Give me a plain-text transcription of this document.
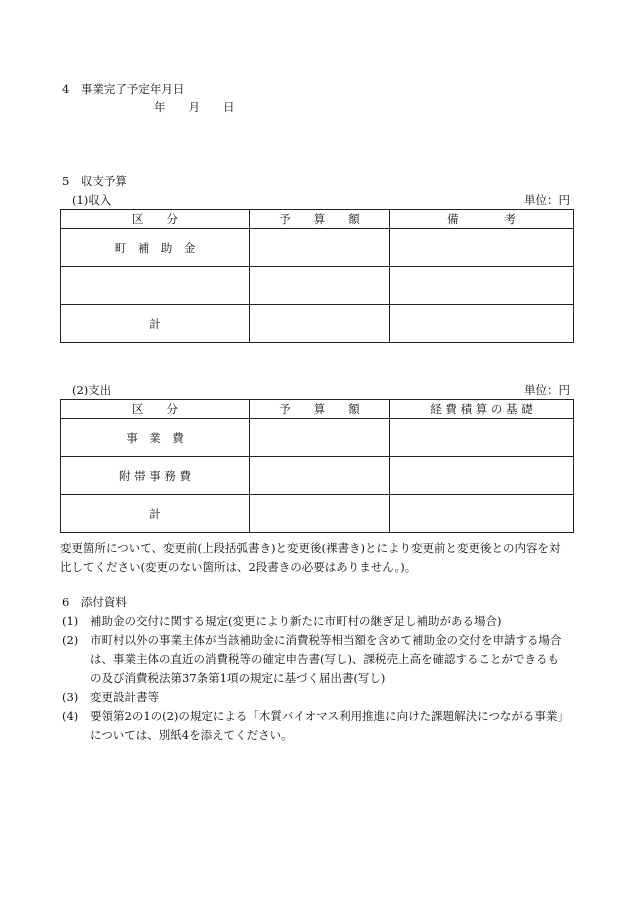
4　事業完了予定年月日
年　　月　　日
5　収支予算
(1)収入	単位：円
区　　分	予　　算　　額	備　　　　考
町　補　助　金		

計		
(2)支出	単位：円
区　　分	予　　算　　額	経 費 積 算 の 基 礎
事　業　費		
附 帯 事 務 費		
計		
変更箇所について、変更前(上段括弧書き)と変更後(裸書き)とにより変更前と変更後との内容を対
比してください(変更のない箇所は、2段書きの必要はありません。)。
6　添付資料
(1) 補助金の交付に関する規定(変更により新たに市町村の継ぎ足し補助がある場合)
(2) 市町村以外の事業主体が当該補助金に消費税等相当額を含めて補助金の交付を申請する場合
は、事業主体の直近の消費税等の確定申告書(写し)、課税売上高を確認することができるも
の及び消費税法第37条第1項の規定に基づく届出書(写し)
(3) 変更設計書等
(4) 要領第2の1の(2)の規定による「木質バイオマス利用推進に向けた課題解決につながる事業」
については、別紙4を添えてください。
